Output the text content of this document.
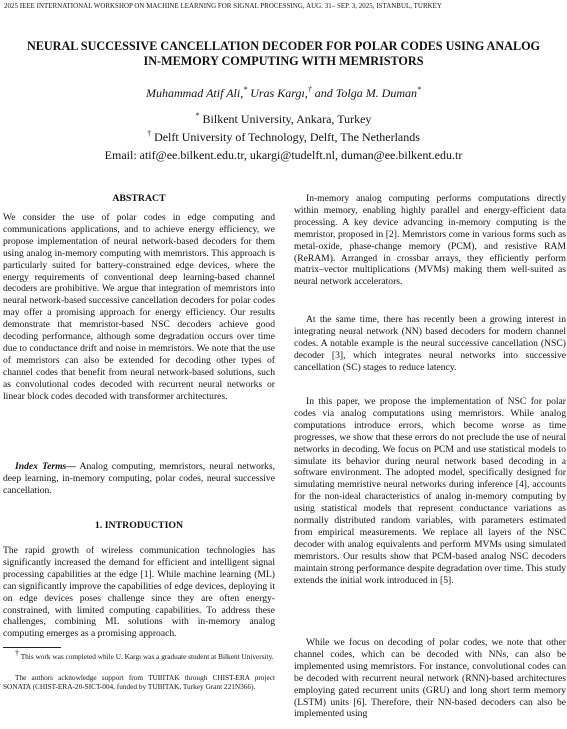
2025 IEEE INTERNATIONAL WORKSHOP ON MACHINE LEARNING FOR SIGNAL PROCESSING, AUG. 31– SEP. 3, 2025, ISTANBUL, TURKEY
NEURAL SUCCESSIVE CANCELLATION DECODER FOR POLAR CODES USING ANALOG
IN-MEMORY COMPUTING WITH MEMRISTORS
Muhammad Atif Ali,* Uras Kargı,† and Tolga M. Duman*
* Bilkent University, Ankara, Turkey
† Delft University of Technology, Delft, The Netherlands
Email: atif@ee.bilkent.edu.tr, ukargi@tudelft.nl, duman@ee.bilkent.edu.tr
ABSTRACT

We consider the use of polar codes in edge computing and communications applications, and to achieve energy efficiency, we propose implementation of neural network-based decoders for them using analog in-memory computing with memristors. This approach is particularly suited for battery-constrained edge devices, where the energy requirements of conventional deep learning-based channel decoders are prohibitive. We argue that integration of memristors into neural network-based successive cancellation decoders for polar codes may offer a promising approach for energy efficiency. Our results demonstrate that memristor-based NSC decoders achieve good decoding performance, although some degradation occurs over time due to conductance drift and noise in memristors. We note that the use of memristors can also be extended for decoding other types of channel codes that benefit from neural network-based solutions, such as convolutional codes decoded with recurrent neural networks or linear block codes decoded with transformer architectures.

Index Terms— Analog computing, memristors, neural networks, deep learning, in-memory computing, polar codes, neural successive cancellation.

1. INTRODUCTION

The rapid growth of wireless communication technologies has significantly increased the demand for efficient and intelligent signal processing capabilities at the edge [1]. While machine learning (ML) can significantly improve the capabilities of edge devices, deploying it on edge devices poses challenge since they are often energy-constrained, with limited computing capabilities. To address these challenges, combining ML solutions with in-memory analog computing emerges as a promising approach.

† This work was completed while U. Kargı was a graduate student at Bilkent University.
The authors acknowledge support from TUBITAK through CHIST-ERA project SONATA (CHIST-ERA-20-SICT-004, funded by TUBITAK, Turkey Grant 221N366).

In-memory analog computing performs computations directly within memory, enabling highly parallel and energy-efficient data processing. A key device advancing in-memory computing is the memristor, proposed in [2]. Memristors come in various forms such as metal-oxide, phase-change memory (PCM), and resistive RAM (ReRAM). Arranged in crossbar arrays, they efficiently perform matrix–vector multiplications (MVMs) making them well-suited as neural network accelerators.

At the same time, there has recently been a growing interest in integrating neural network (NN) based decoders for modern channel codes. A notable example is the neural successive cancellation (NSC) decoder [3], which integrates neural networks into successive cancellation (SC) stages to reduce latency.

In this paper, we propose the implementation of NSC for polar codes via analog computations using memristors. While analog computations introduce errors, which become worse as time progresses, we show that these errors do not preclude the use of neural networks in decoding. We focus on PCM and use statistical models to simulate its behavior during neural network based decoding in a software environment. The adopted model, specifically designed for simulating memristive neural networks during inference [4], accounts for the non-ideal characteristics of analog in-memory computing by using statistical models that represent conductance variations as normally distributed random variables, with parameters estimated from empirical measurements. We replace all layers of the NSC decoder with analog equivalents and perform MVMs using simulated memristors. Our results show that PCM-based analog NSC decoders maintain strong performance despite degradation over time. This study extends the initial work introduced in [5].

While we focus on decoding of polar codes, we note that other channel codes, which can be decoded with NNs, can also be implemented using memristors. For instance, convolutional codes can be decoded with recurrent neural network (RNN)-based architectures employing gated recurrent units (GRU) and long short term memory (LSTM) units [6]. Therefore, their NN-based decoders can also be implemented using
